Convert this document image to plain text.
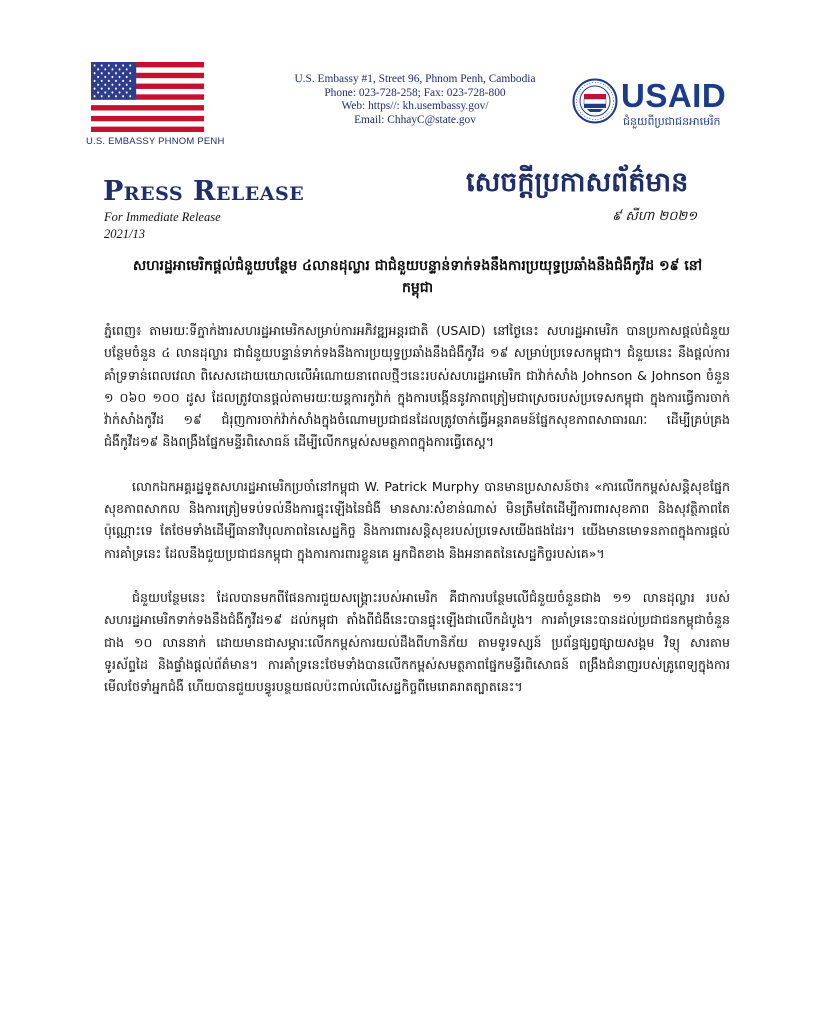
U.S. EMBASSY PHNOM PENH
U.S. Embassy #1, Street 96, Phnom Penh, Cambodia
Phone: 023-728-258; Fax: 023-728-800
Web: https//: kh.usembassy.gov/
Email: ChhayC@state.gov
USAID
ជំនួយពីប្រជាជនអាមេរិក
Press Release	សេចក្តីប្រកាសព័ត៌មាន
For Immediate Release
2021/13
៩ សីហា ២០២១
សហរដ្ឋអាមេរិកផ្តល់ជំនួយបន្ថែម ៤លានដុល្លារ ជាជំនួយបន្ទាន់ទាក់ទងនឹងការប្រយុទ្ធប្រឆាំងនឹងជំងឺកូវីដ ១៩ នៅកម្ពុជា

ភ្នំពេញ៖ តាមរយៈទីភ្នាក់ងារសហរដ្ឋអាមេរិកសម្រាប់ការអភិវឌ្ឍអន្តរជាតិ (USAID) នៅថ្ងៃនេះ សហរដ្ឋអាមេរិក បានប្រកាសផ្តល់ជំនួយបន្ថែមចំនួន ៤ លានដុល្លារ ជាជំនួយបន្ទាន់ទាក់ទងនឹងការប្រយុទ្ធប្រឆាំងនឹងជំងឺកូវីដ ១៩ សម្រាប់ប្រទេសកម្ពុជា។ ជំនួយនេះ នឹងផ្តល់ការគាំទ្រទាន់ពេលវេលា ពិសេសដោយយោលលើអំណោយនាពេលថ្មីៗនេះរបស់សហរដ្ឋអាមេរិក ជាវ៉ាក់សាំង Johnson & Johnson ចំនួន ១ ០៦០ ១០០ ដូស ដែលត្រូវបានផ្តល់តាមរយៈយន្តការកូវ៉ាក់ ក្នុងការបង្កើននូវភាពត្រៀមជាស្រេចរបស់ប្រទេសកម្ពុជា ក្នុងការធ្វើការចាក់វ៉ាក់សាំងកូវីដ ១៩ ជំរុញការចាក់វ៉ាក់សាំងក្នុងចំណោមប្រជាជនដែលត្រូវចាក់ធ្វើអន្តរាគមន៍ផ្នែកសុខភាពសាធារណៈ ដើម្បីគ្រប់គ្រងជំងឺកូវីដ១៩ និងពង្រឹងផ្នែកមន្ទីរពិសោធន៍ ដើម្បីលើកកម្ពស់សមត្ថភាពក្នុងការធ្វើតេស្ត។

លោកឯកអគ្គរដ្ឋទូតសហរដ្ឋអាមេរិកប្រចាំនៅកម្ពុជា W. Patrick Murphy បានមានប្រសាសន៍ថា៖ «ការលើកកម្ពស់សន្តិសុខផ្នែកសុខភាពសាកល និងការត្រៀមទប់ទល់នឹងការផ្ទុះឡើងនៃជំងឺ មានសារៈសំខាន់ណាស់ មិនត្រឹមតែដើម្បីការពារសុខភាព និងសុវត្ថិភាពតែប៉ុណ្ណោះទេ តែថែមទាំងដើម្បីធានាវិបុលភាពនៃសេដ្ឋកិច្ច និងការពារសន្តិសុខរបស់ប្រទេសយើងផងដែរ។ យើងមានមោទនភាពក្នុងការផ្តល់ការគាំទ្រនេះ ដែលនឹងជួយប្រជាជនកម្ពុជា ក្នុងការការពារខ្លួនគេ អ្នកជិតខាង និងអនាគតនៃសេដ្ឋកិច្ចរបស់គេ»។

ជំនួយបន្ថែមនេះ ដែលបានមកពីផែនការជួយសង្គ្រោះរបស់អាមេរិក គឺជាការបន្ថែមលើជំនួយចំនួនជាង ១១ លានដុល្លារ របស់សហរដ្ឋអាមេរិកទាក់ទងនឹងជំងឺកូវីដ១៩ ដល់កម្ពុជា តាំងពីជំងឺនេះបានផ្ទុះឡើងជាលើកដំបូង។ ការគាំទ្រនេះបានដល់ប្រជាជនកម្ពុជាចំនួនជាង ១០ លាននាក់ ដោយមានជាសម្ភារៈលើកកម្ពស់ការយល់ដឹងពីហានិភ័យ តាមទូរទស្សន៍ ប្រព័ន្ធផ្សព្វផ្សាយសង្គម វិទ្យុ សារតាមទូរស័ព្ទដៃ និងផ្ទាំងផ្តល់ព័ត៌មាន។ ការគាំទ្រនេះថែមទាំងបានលើកកម្ពស់សមត្ថភាពផ្នែកមន្ទីរពិសោធន៍ ពង្រឹងជំនាញរបស់គ្រូពេទ្យក្នុងការមើលថែទាំអ្នកជំងឺ ហើយបានជួយបន្ធូរបន្ថយផលប៉ះពាល់លើសេដ្ឋកិច្ចពីមេរោគរាតត្បាតនេះ។
